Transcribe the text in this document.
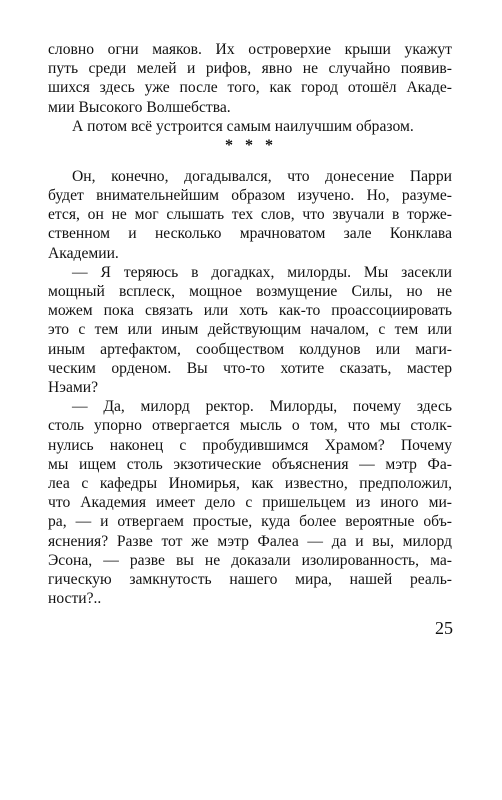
словно огни маяков. Их островерхие крыши укажут
путь среди мелей и рифов, явно не случайно появив-
шихся здесь уже после того, как город отошёл Акаде-
мии Высокого Волшебства.
А потом всё устроится самым наилучшим образом.
* * *
Он, конечно, догадывался, что донесение Парри
будет внимательнейшим образом изучено. Но, разуме-
ется, он не мог слышать тех слов, что звучали в торже-
ственном и несколько мрачноватом зале Конклава
Академии.
— Я теряюсь в догадках, милорды. Мы засекли
мощный всплеск, мощное возмущение Силы, но не
можем пока связать или хоть как-то проассоциировать
это с тем или иным действующим началом, с тем или
иным артефактом, сообществом колдунов или маги-
ческим орденом. Вы что-то хотите сказать, мастер
Нэами?
— Да, милорд ректор. Милорды, почему здесь
столь упорно отвергается мысль о том, что мы столк-
нулись наконец с пробудившимся Храмом? Почему
мы ищем столь экзотические объяснения — мэтр Фа-
леа с кафедры Иномирья, как известно, предположил,
что Академия имеет дело с пришельцем из иного ми-
ра, — и отвергаем простые, куда более вероятные объ-
яснения? Разве тот же мэтр Фалеа — да и вы, милорд
Эсона, — разве вы не доказали изолированность, ма-
гическую замкнутость нашего мира, нашей реаль-
ности?..
25
